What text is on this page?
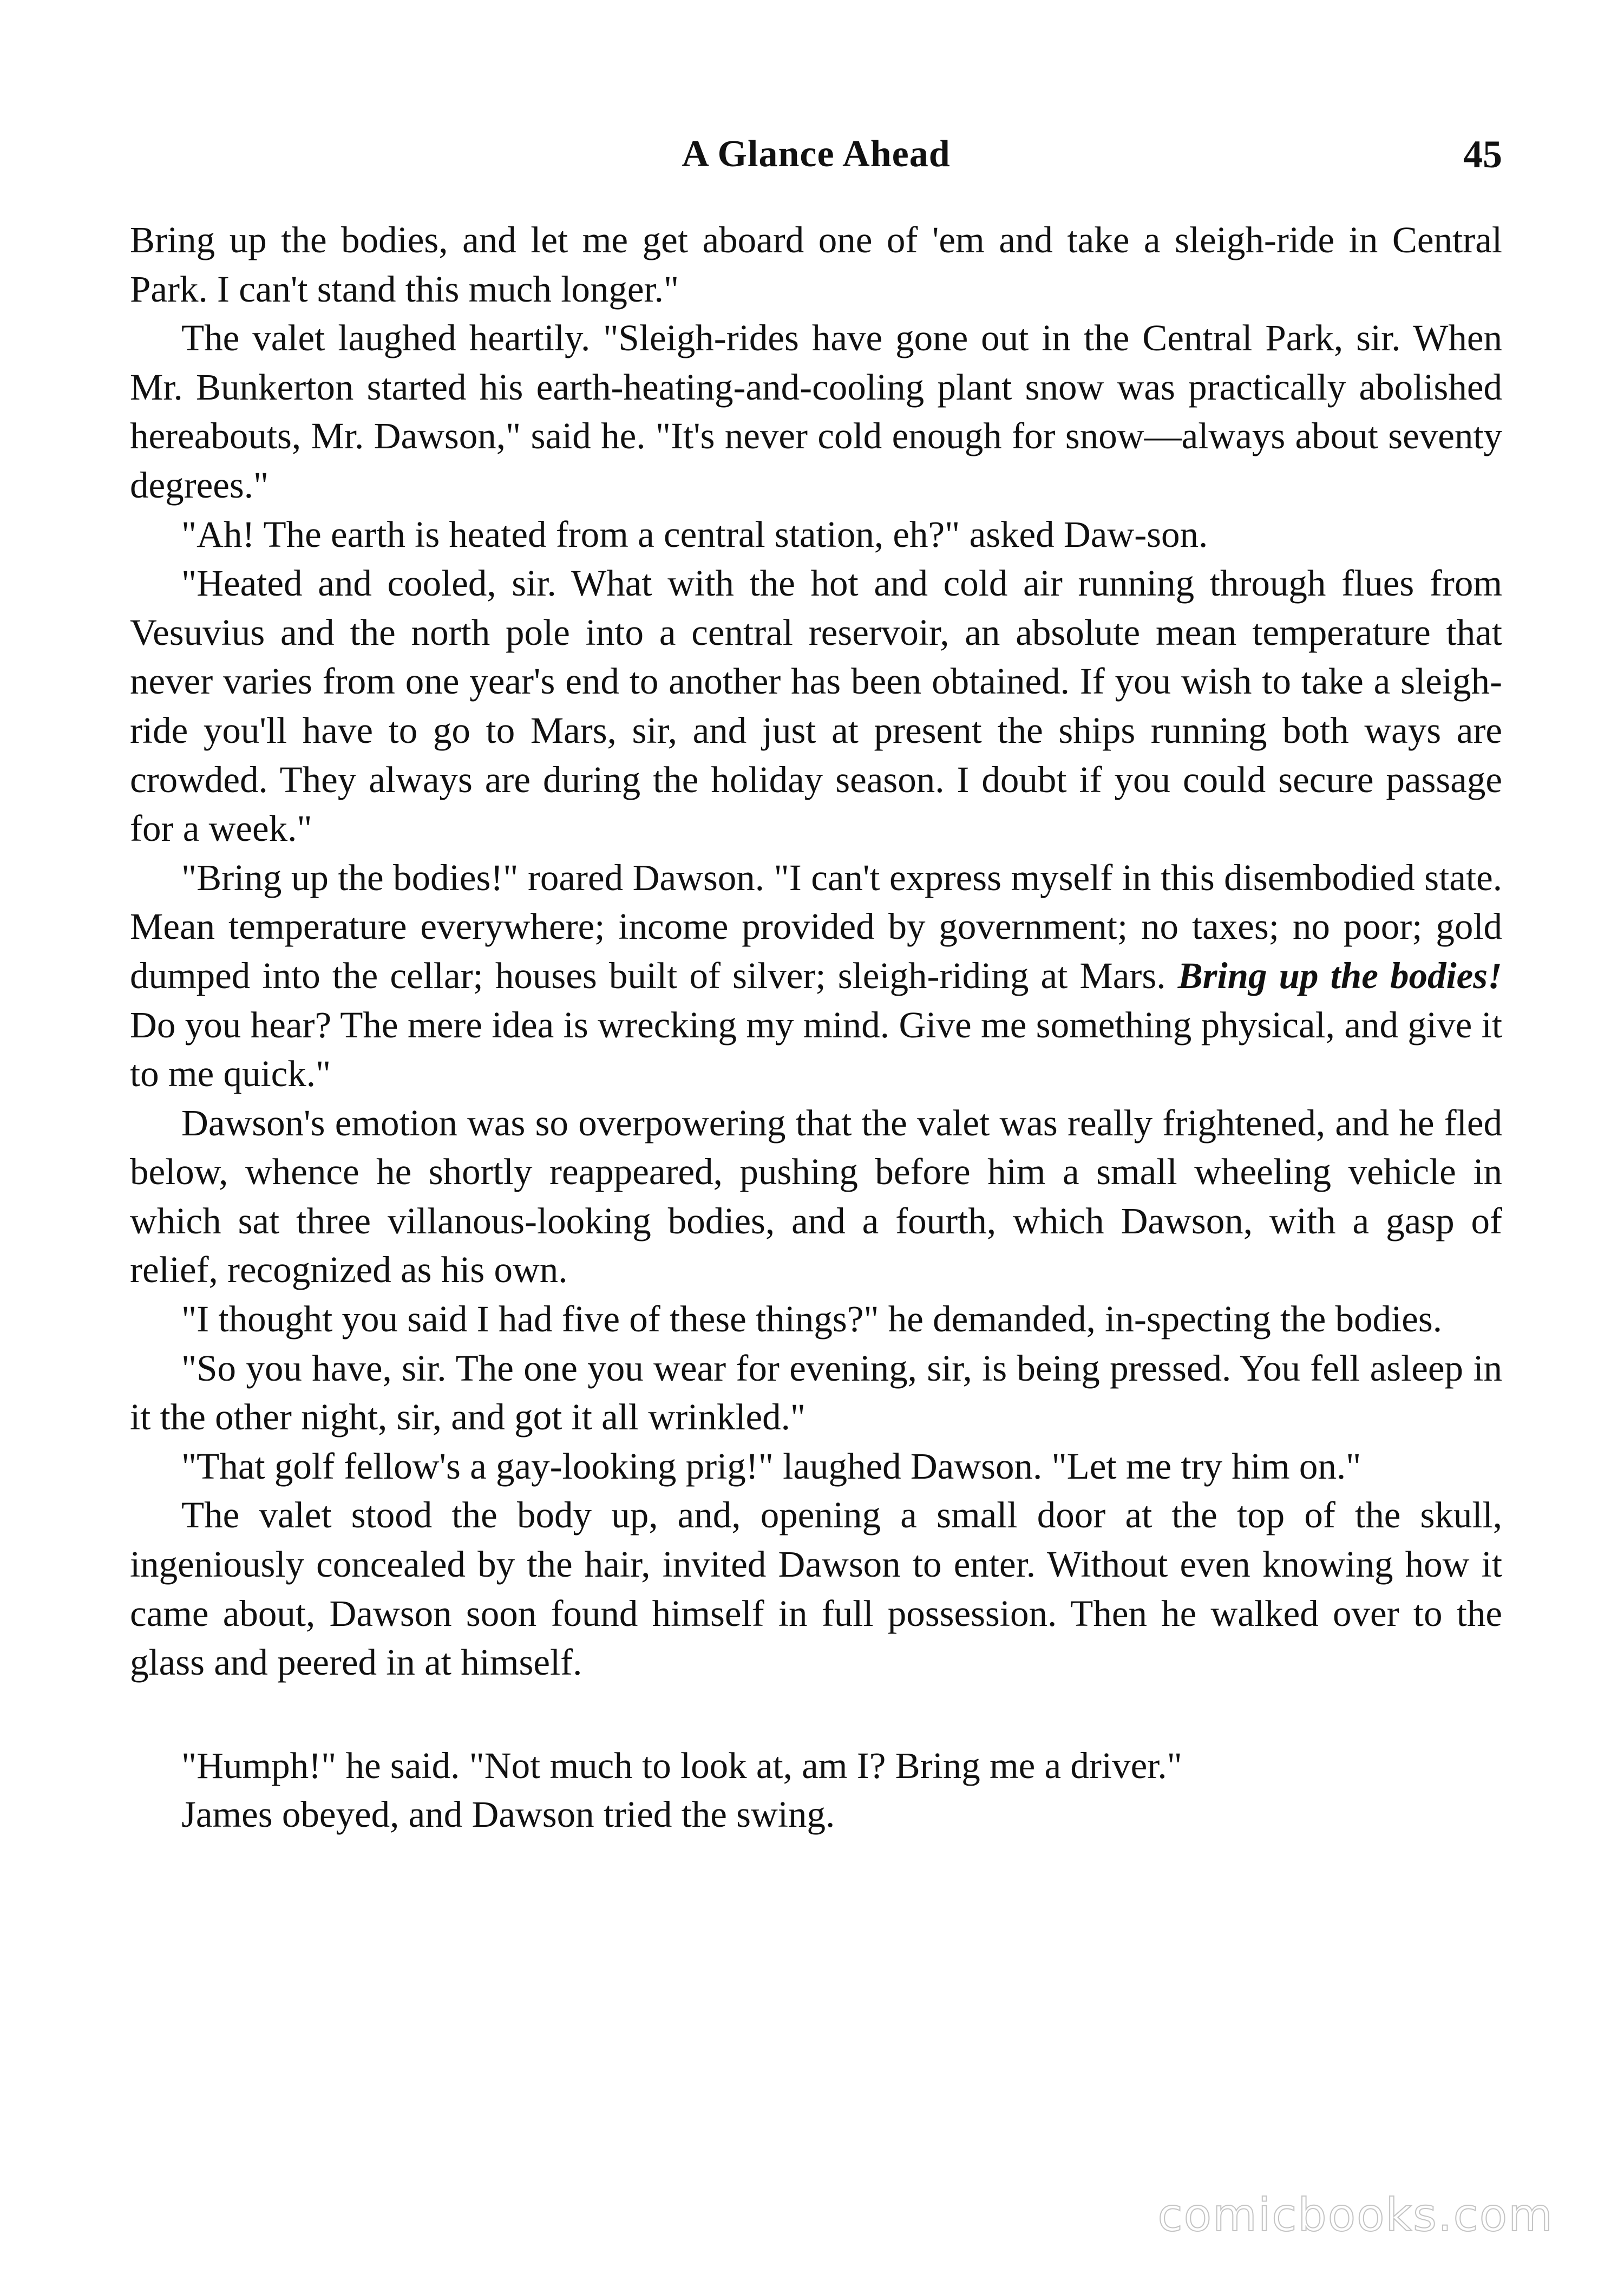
A Glance Ahead	45

Bring up the bodies, and let me get aboard one of 'em and take a sleigh-ride in Central Park. I can't stand this much longer."

The valet laughed heartily. "Sleigh-rides have gone out in the Central Park, sir. When Mr. Bunkerton started his earth-heating-and-cooling plant snow was practically abolished hereabouts, Mr. Dawson," said he. "It's never cold enough for snow—always about seventy degrees."

"Ah! The earth is heated from a central station, eh?" asked Daw-son.

"Heated and cooled, sir. What with the hot and cold air running through flues from Vesuvius and the north pole into a central reservoir, an absolute mean temperature that never varies from one year's end to another has been obtained. If you wish to take a sleigh-ride you'll have to go to Mars, sir, and just at present the ships running both ways are crowded. They always are during the holiday season. I doubt if you could secure passage for a week."

"Bring up the bodies!" roared Dawson. "I can't express myself in this disembodied state. Mean temperature everywhere; income provided by government; no taxes; no poor; gold dumped into the cellar; houses built of silver; sleigh-riding at Mars. Bring up the bodies! Do you hear? The mere idea is wrecking my mind. Give me something physical, and give it to me quick."

Dawson's emotion was so overpowering that the valet was really frightened, and he fled below, whence he shortly reappeared, pushing before him a small wheeling vehicle in which sat three villanous-looking bodies, and a fourth, which Dawson, with a gasp of relief, recognized as his own.

"I thought you said I had five of these things?" he demanded, in-specting the bodies.

"So you have, sir. The one you wear for evening, sir, is being pressed. You fell asleep in it the other night, sir, and got it all wrinkled."

"That golf fellow's a gay-looking prig!" laughed Dawson. "Let me try him on."

The valet stood the body up, and, opening a small door at the top of the skull, ingeniously concealed by the hair, invited Dawson to enter. Without even knowing how it came about, Dawson soon found himself in full possession. Then he walked over to the glass and peered in at himself.

"Humph!" he said. "Not much to look at, am I? Bring me a driver."

James obeyed, and Dawson tried the swing.

comicbooks.com
